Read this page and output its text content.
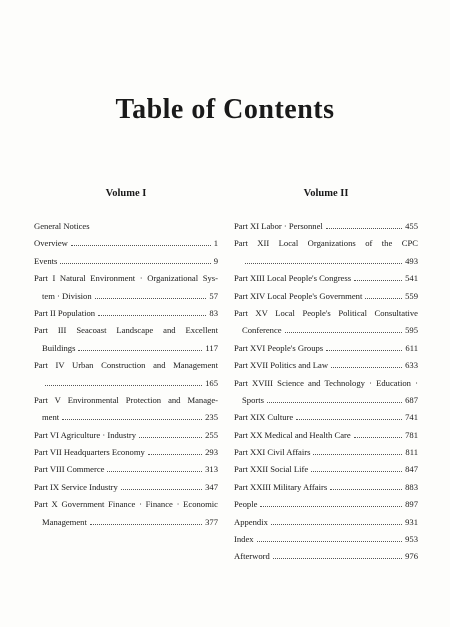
Table of Contents
Volume I
General Notices
Overview	1
Events	9
Part I Natural Environment · Organizational Sys-
tem · Division	57
Part II Population	83
Part III Seacoast Landscape and Excellent
Buildings	117
Part IV Urban Construction and Management
165
Part V Environmental Protection and Manage-
ment	235
Part VI Agriculture · Industry	255
Part VII Headquarters Economy	293
Part VIII Commerce	313
Part IX Service Industry	347
Part X Government Finance · Finance · Economic
Management	377
Volume II
Part XI Labor · Personnel	455
Part XII Local Organizations of the CPC
493
Part XIII Local People's Congress	541
Part XIV Local People's Government	559
Part XV Local People's Political Consultative
Conference	595
Part XVI People's Groups	611
Part XVII Politics and Law	633
Part XVIII Science and Technology · Education ·
Sports	687
Part XIX Culture	741
Part XX Medical and Health Care	781
Part XXI Civil Affairs	811
Part XXII Social Life	847
Part XXIII Military Affairs	883
People	897
Appendix	931
Index	953
Afterword	976
